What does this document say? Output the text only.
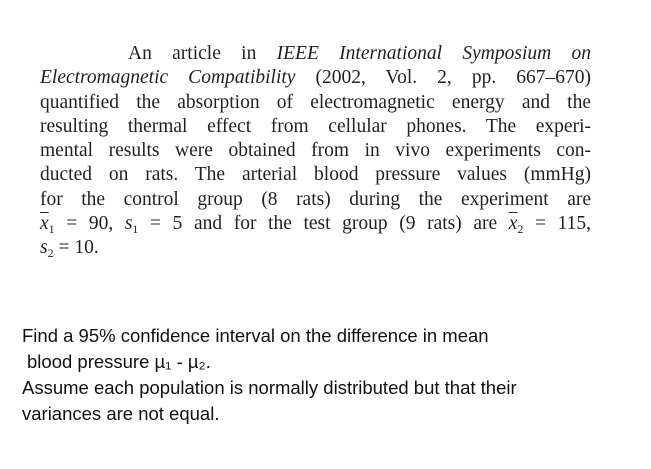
An article in IEEE International Symposium on
Electromagnetic Compatibility (2002, Vol. 2, pp. 667–670)
quantified the absorption of electromagnetic energy and the
resulting thermal effect from cellular phones. The experi-
mental results were obtained from in vivo experiments con-
ducted on rats. The arterial blood pressure values (mmHg)
for the control group (8 rats) during the experiment are
$\overline{x}_1 = 90$, $s_1 = 5$ and for the test group (9 rats) are $\overline{x}_2 = 115$,
$s_2 = 10$.
Find a 95% confidence interval on the difference in mean
blood pressure µ₁ - µ₂.
Assume each population is normally distributed but that their
variances are not equal.
